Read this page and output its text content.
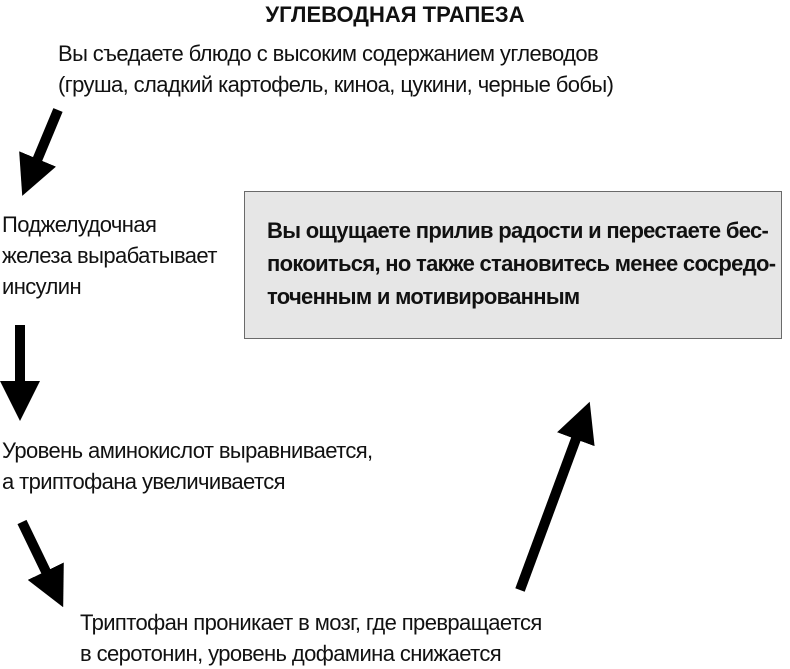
УГЛЕВОДНАЯ ТРАПЕЗА
Вы съедаете блюдо с высоким содержанием углеводов
(груша, сладкий картофель, киноа, цукини, черные бобы)
Поджелудочная
железа вырабатывает
инсулин
Уровень аминокислот выравнивается,
а триптофана увеличивается
Триптофан проникает в мозг, где превращается
в серотонин, уровень дофамина снижается
Вы ощущаете прилив радости и перестаете бес-
покоиться, но также становитесь менее сосредо-
точенным и мотивированным
